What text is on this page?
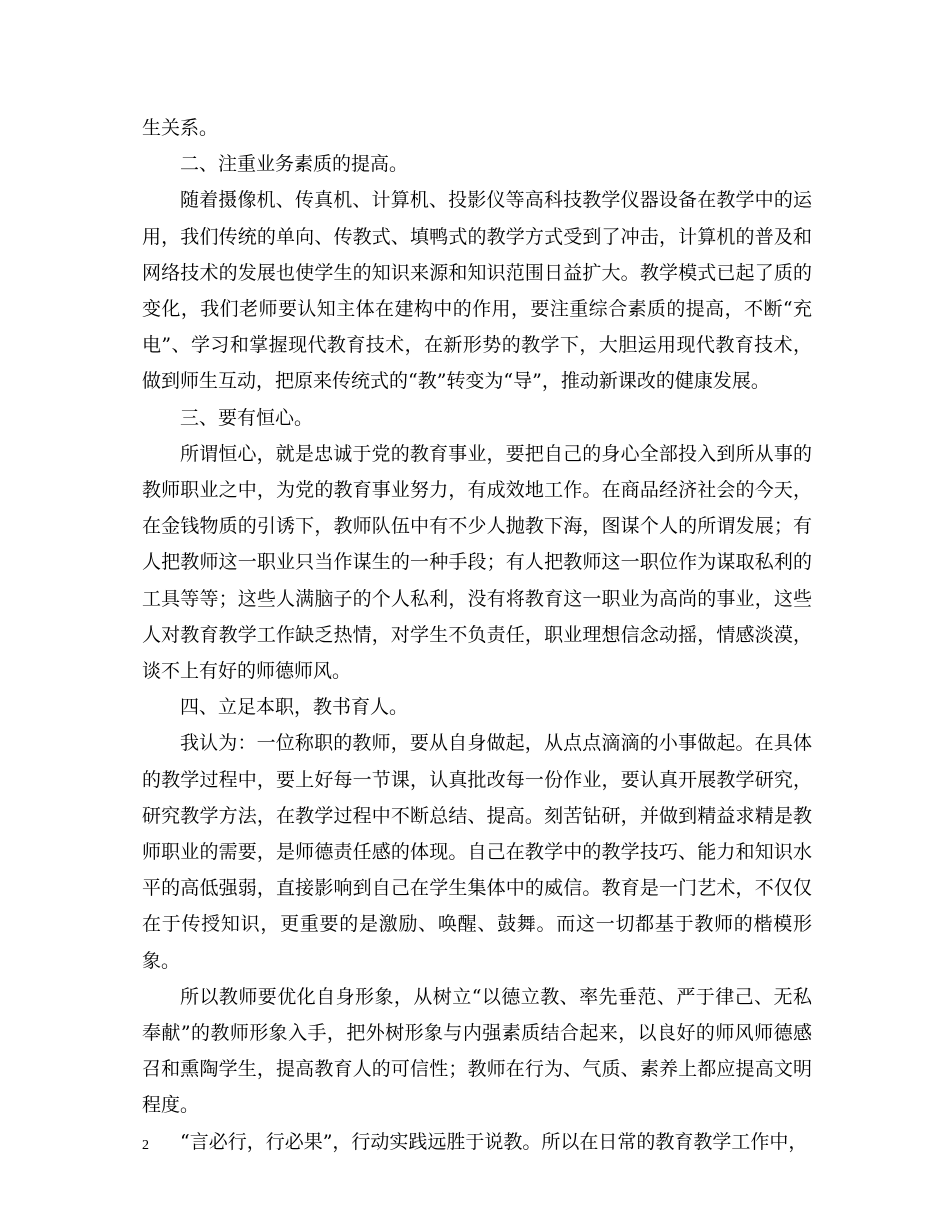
生关系。

二、注重业务素质的提高。

随着摄像机、传真机、计算机、投影仪等高科技教学仪器设备在教学中的运用，我们传统的单向、传教式、填鸭式的教学方式受到了冲击，计算机的普及和网络技术的发展也使学生的知识来源和知识范围日益扩大。教学模式已起了质的变化，我们老师要认知主体在建构中的作用，要注重综合素质的提高，不断“充电”、学习和掌握现代教育技术，在新形势的教学下，大胆运用现代教育技术，做到师生互动，把原来传统式的“教”转变为“导”，推动新课改的健康发展。

三、要有恒心。

所谓恒心，就是忠诚于党的教育事业，要把自己的身心全部投入到所从事的教师职业之中，为党的教育事业努力，有成效地工作。在商品经济社会的今天，在金钱物质的引诱下，教师队伍中有不少人抛教下海，图谋个人的所谓发展；有人把教师这一职业只当作谋生的一种手段；有人把教师这一职位作为谋取私利的工具等等；这些人满脑子的个人私利，没有将教育这一职业为高尚的事业，这些人对教育教学工作缺乏热情，对学生不负责任，职业理想信念动摇，情感淡漠，谈不上有好的师德师风。

四、立足本职，教书育人。

我认为：一位称职的教师，要从自身做起，从点点滴滴的小事做起。在具体的教学过程中，要上好每一节课，认真批改每一份作业，要认真开展教学研究，研究教学方法，在教学过程中不断总结、提高。刻苦钻研，并做到精益求精是教师职业的需要，是师德责任感的体现。自己在教学中的教学技巧、能力和知识水平的高低强弱，直接影响到自己在学生集体中的威信。教育是一门艺术，不仅仅在于传授知识，更重要的是激励、唤醒、鼓舞。而这一切都基于教师的楷模形象。

所以教师要优化自身形象，从树立“以德立教、率先垂范、严于律己、无私奉献”的教师形象入手，把外树形象与内强素质结合起来，以良好的师风师德感召和熏陶学生，提高教育人的可信性；教师在行为、气质、素养上都应提高文明程度。

“言必行，行必果”，行动实践远胜于说教。所以在日常的教育教学工作中，

2
